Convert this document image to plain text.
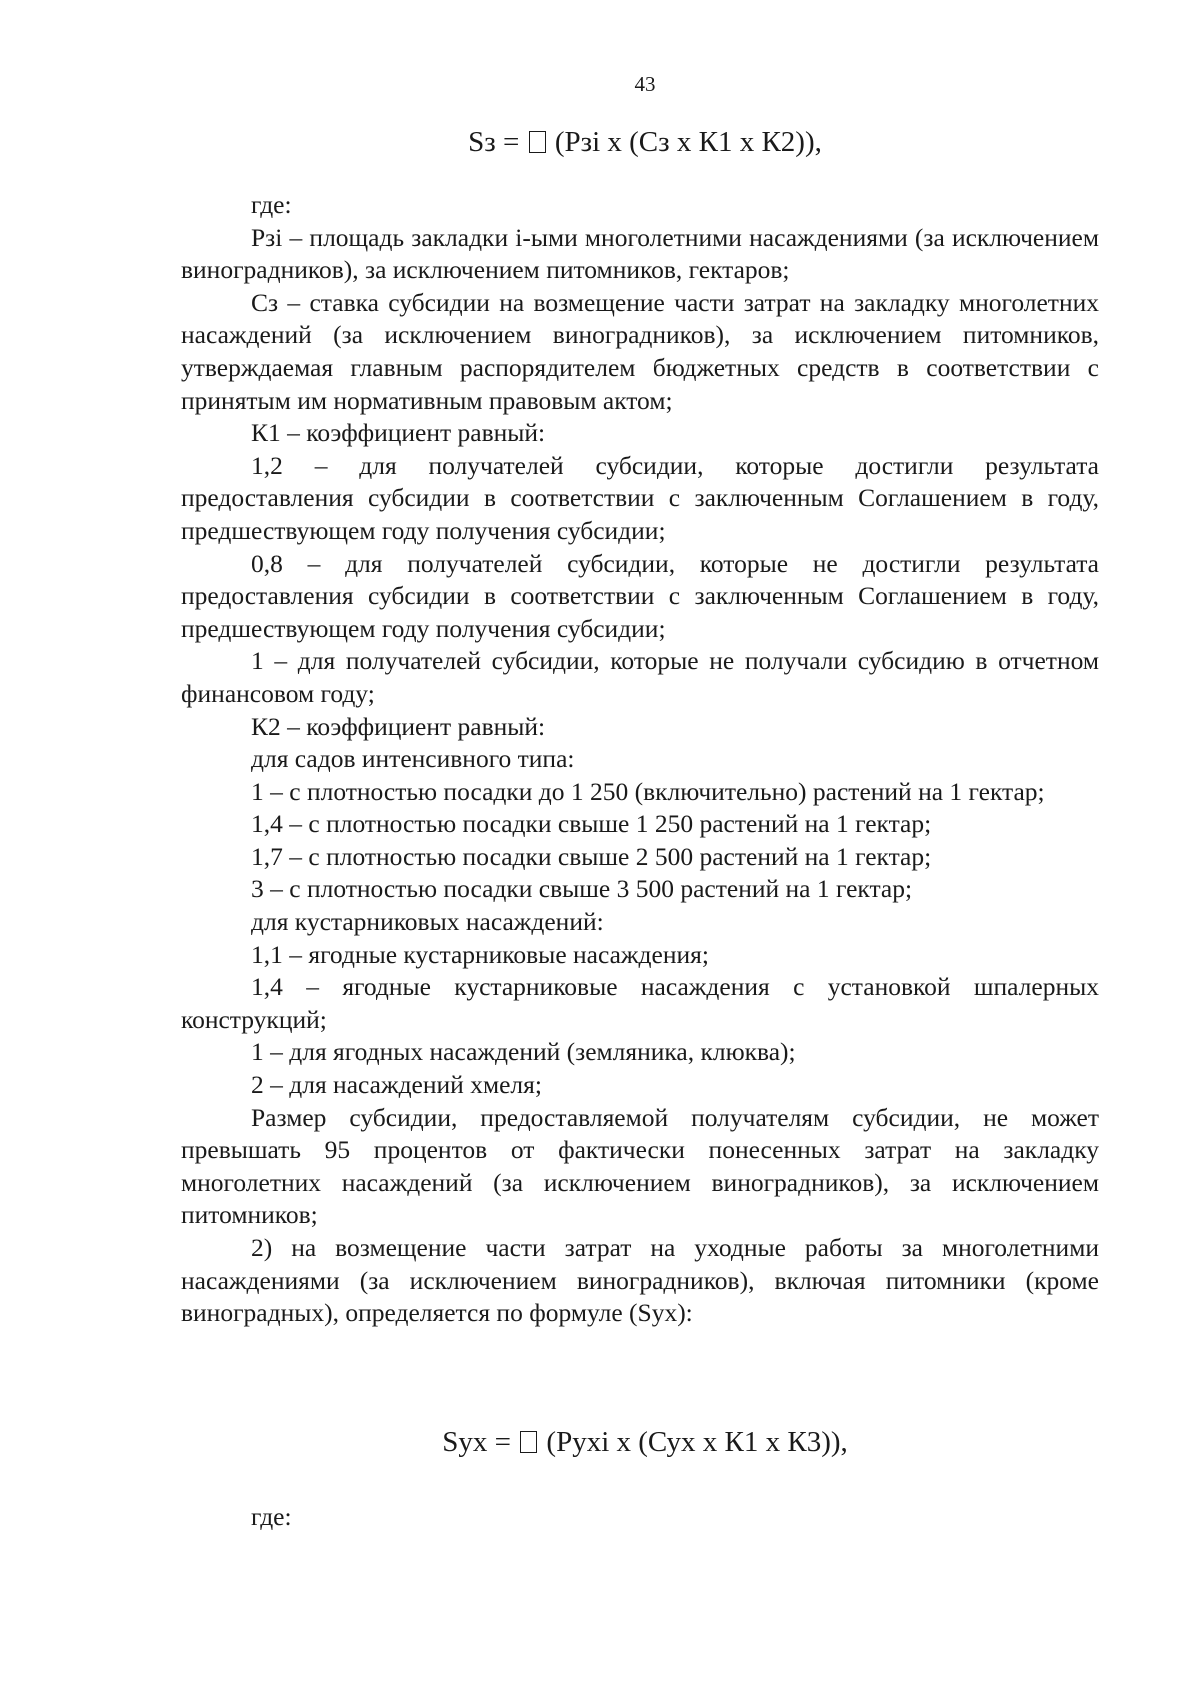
43
Sз =  (Рзi х (Сз х К1 х К2)),

где:

Рзi – площадь закладки i-ыми многолетними насаждениями (за исключением виноградников), за исключением питомников, гектаров;

Сз – ставка субсидии на возмещение части затрат на закладку многолетних насаждений (за исключением виноградников), за исключением питомников, утверждаемая главным распорядителем бюджетных средств в соответствии с принятым им нормативным правовым актом;

К1 – коэффициент равный:

1,2 – для получателей субсидии, которые достигли результата предоставления субсидии в соответствии с заключенным Соглашением в году, предшествующем году получения субсидии;

0,8 – для получателей субсидии, которые не достигли результата предоставления субсидии в соответствии с заключенным Соглашением в году, предшествующем году получения субсидии;

1 – для получателей субсидии, которые не получали субсидию в отчетном финансовом году;

К2 – коэффициент равный:

для садов интенсивного типа:

1 – с плотностью посадки до 1 250 (включительно) растений на 1 гектар;

1,4 – с плотностью посадки свыше 1 250 растений на 1 гектар;

1,7 – с плотностью посадки свыше 2 500 растений на 1 гектар;

3 – с плотностью посадки свыше 3 500 растений на 1 гектар;

для кустарниковых насаждений:

1,1 – ягодные кустарниковые насаждения;

1,4 – ягодные кустарниковые насаждения с установкой шпалерных конструкций;

1 – для ягодных насаждений (земляника, клюква);

2 – для насаждений хмеля;

Размер субсидии, предоставляемой получателям субсидии, не может превышать 95 процентов от фактически понесенных затрат на закладку многолетних насаждений (за исключением виноградников), за исключением питомников;

2) на возмещение части затрат на уходные работы за многолетними насаждениями (за исключением виноградников), включая питомники (кроме виноградных), определяется по формуле (Sух):

Sух =  (Рухi х (Сух х К1 х К3)),
где:
